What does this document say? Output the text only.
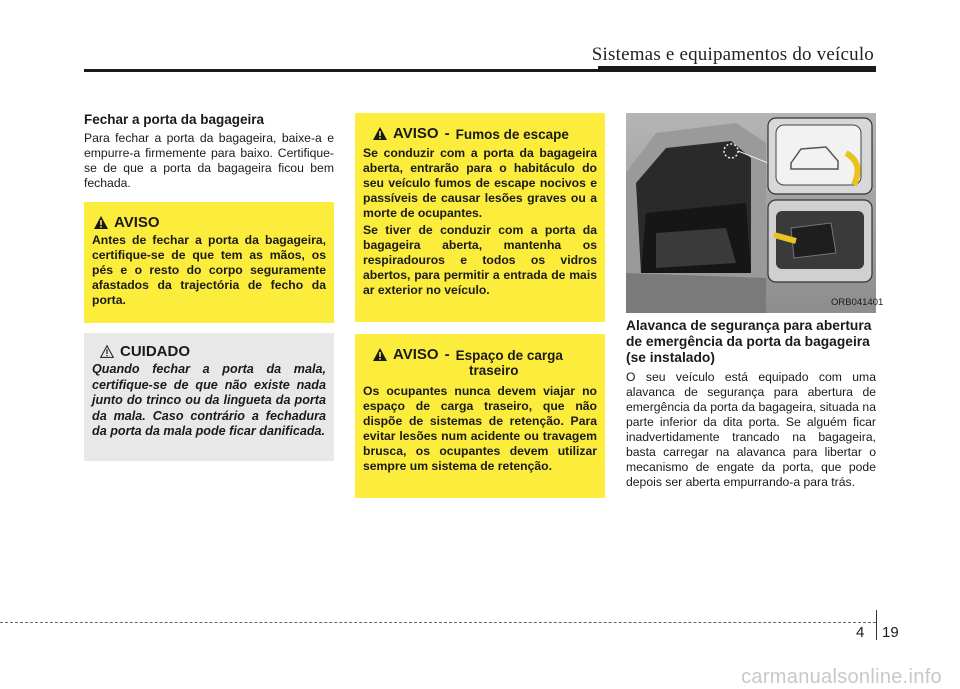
Sistemas e equipamentos do veículo
Fechar a porta da bagageira
Para fechar a porta da bagageira, baixe-a e empurre-a firmemente para baixo. Certifique-se de que a porta da bagageira ficou bem fechada.
AVISO
Antes de fechar a porta da bagageira, certifique-se de que tem as mãos, os pés e o resto do corpo seguramente afastados da trajectória de fecho da porta.
CUIDADO
Quando fechar a porta da mala, certifique-se de que não existe nada junto do trinco ou da lingueta da porta da mala. Caso contrário a fechadura da porta da mala pode ficar danificada.
AVISO - Fumos de escape
Se conduzir com a porta da bagageira aberta, entrarão para o habitáculo do seu veículo fumos de escape nocivos e passíveis de causar lesões graves ou a morte de ocupantes.
Se tiver de conduzir com a porta da bagageira aberta, mantenha os respiradouros e todos os vidros abertos, para permitir a entrada de mais ar exterior no veículo.
AVISO - Espaço de carga
traseiro
Os ocupantes nunca devem viajar no espaço de carga traseiro, que não dispõe de sistemas de retenção. Para evitar lesões num acidente ou travagem brusca, os ocupantes devem utilizar sempre um sistema de retenção.
ORB041401
Alavanca de segurança para abertura de emergência da porta da bagageira (se instalado)
O seu veículo está equipado com uma alavanca de segurança para abertura de emergência da porta da bagageira, situada na parte inferior da dita porta. Se alguém ficar inadvertidamente trancado na bagageira, basta carregar na alavanca para libertar o mecanismo de engate da porta, que pode depois ser aberta empurrando-a para trás.
4 19
carmanualsonline.info
